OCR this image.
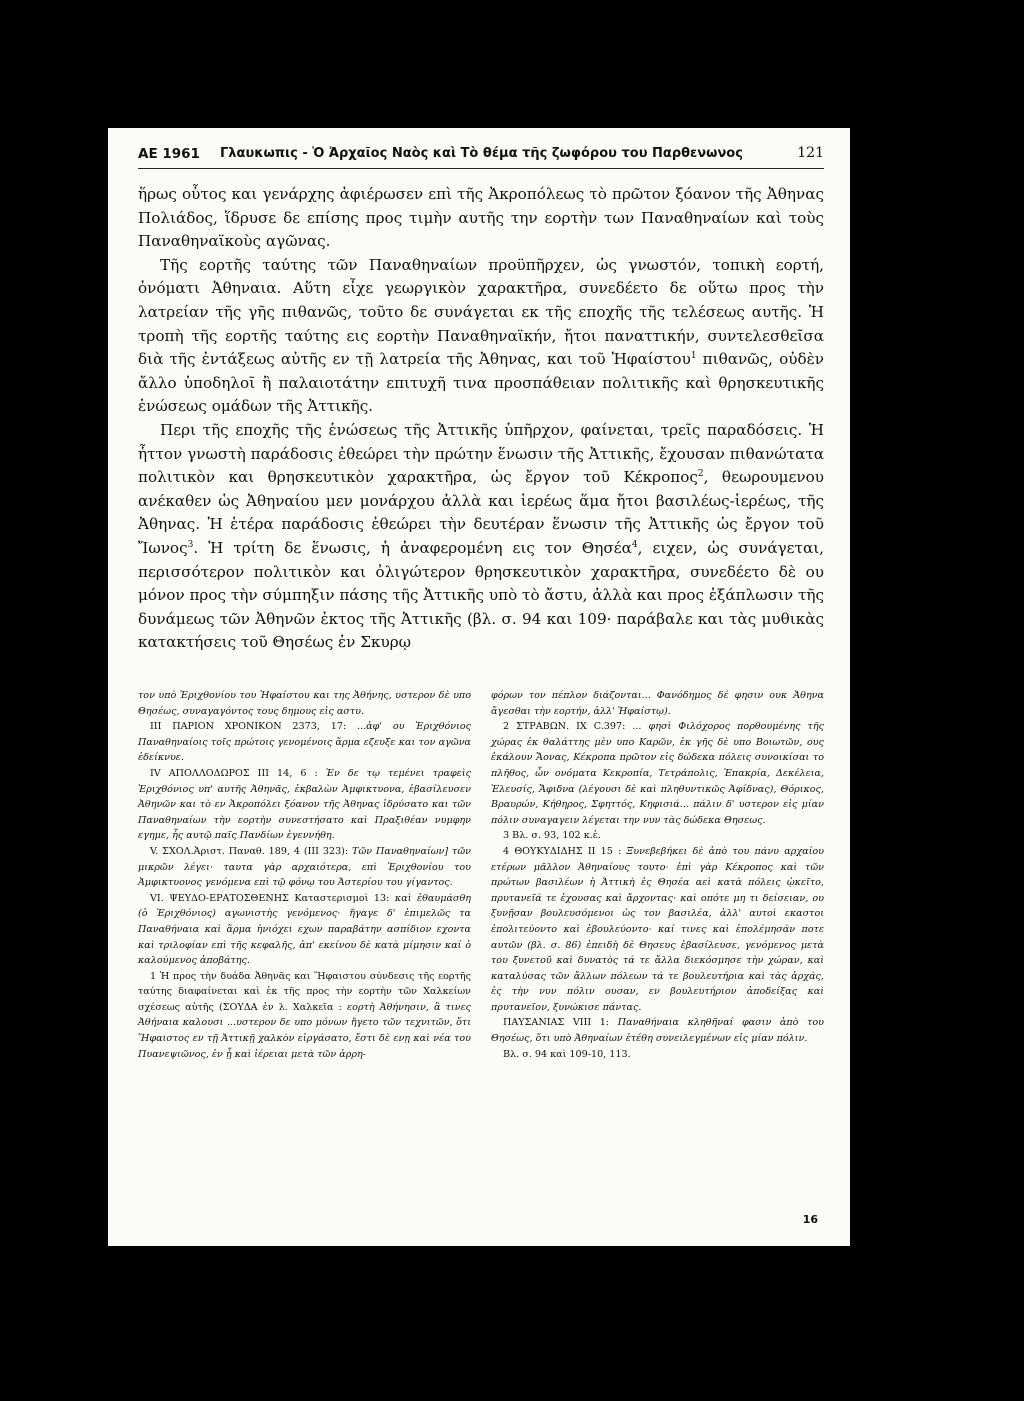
ΑΕ 1961 Γλαυκωπις - Ὁ Ἀρχαῖος Ναὸς καὶ Τὸ θέμα τῆς ζωφόρου του Παρθενωνος	121

ἥρως οὗτος και γενάρχης ἀφιέρωσεν επὶ τῆς Ἀκροπόλεως τὸ πρῶτον ξόανον τῆς Ἀθηνας Πολιάδος, ἵδρυσε δε επίσης προς τιμὴν αυτῆς την εορτὴν των Παναθηναίων καὶ τοὺς Παναθηναϊκοὺς αγῶνας.

Τῆς εορτῆς ταύτης τῶν Παναθηναίων προϋπῆρχεν, ὡς γνωστόν, τοπικὴ εορτή, ὀνόματι Ἀθηναια. Αὕτη εἶχε γεωργικὸν χαρακτῆρα, συνεδέετο δε οὕτω προς τὴν λατρείαν τῆς γῆς πιθανῶς, τοῦτο δε συνάγεται εκ τῆς εποχῆς τῆς τελέσεως αυτῆς. Ἡ τροπὴ τῆς εορτῆς ταύτης εις εορτὴν Παναθηναϊκήν, ἤτοι πανατтικήν, συντελεσθεῖσα διὰ τῆς ἐντάξεως αὐτῆς εν τῇ λατρεία τῆς Ἀθηνας, και τοῦ Ἡφαίστου$^1$ πιθανῶς, οὐδὲν ἄλλο ὑποδηλοῖ ἢ παλαιοτάτην επιτυχῆ τινα προσπάθειαν πολιτικῆς καὶ θρησκευτικῆς ἑνώσεως ομάδων τῆς Ἀττικῆς.

Περι τῆς εποχῆς τῆς ἑνώσεως τῆς Ἀττικῆς ὑπῆρχον, φαίνεται, τρεῖς παραδόσεις. Ἡ ἧττον γνωστὴ παράδοσις ἐθεώρει τὴν πρώτην ἕνωσιν τῆς Ἀττικῆς, ἔχουσαν πιθανώτατα πολιτικὸν και θρησκευτικὸν χαρακτῆρα, ὡς ἔργον τοῦ Κέκροπος$^2$, θεωρουμενου ανέκαθεν ὡς Ἀθηναίου μεν μονάρχου ἀλλὰ και ἱερέως ἅμα ἤτοι βασιλέως-ἱερέως, τῆς Ἀθηνας. Ἡ ἑτέρα παράδοσις ἐθεώρει τὴν δευτέραν ἕνωσιν τῆς Ἀττικῆς ὡς ἔργον τοῦ Ἴωνος$^3$. Ἡ τρίτη δε ἕνωσις, ἡ ἀναφερομένη εις τον Θησέα$^4$, ειχεν, ὡς συνάγεται, περισσότερον πολιτικὸν και ὀλιγώτερον θρησκευτικὸν χαρακτῆρα, συνεδέετο δὲ ου μόνον προς τὴν σύμπηξιν πάσης τῆς Ἀττικῆς υπὸ τὸ ἄστυ, ἀλλὰ και προς ἐξάπλωσιν τῆς δυνάμεως τῶν Ἀθηνῶν ἐκτος τῆς Ἀττικῆς (βλ. σ. 94 και 109· παράβαλε και τὰς μυθικὰς κατακτήσεις τοῦ Θησέως ἐν Σκυρῳ

τον υπὸ Ἐριχθονίου του Ἡφαίστου και της Ἀθήνης, υστερον δὲ υπο Θησέως, συναγαγόντος τους δημους εἰς αστυ.

ΙΙΙ ΠΑΡΙΟΝ ΧΡΟΝΙΚΟΝ 2373, 17: ...ἀφ' ου Ἐριχθόνιος Παναθηναίοις τοῖς πρώτοις γενομένοις ἅρμα εζευξε και τον αγῶνα ἐδείκνυε.

IV ΑΠΟΛΛΟΔΩΡΟΣ ΙΙΙ 14, 6 : Ἐν δε τῳ τεμένει τραφεὶς Ἐριχθόνιος υπ' αυτῆς Ἀθηνᾶς, ἐκβαλὼν Ἀμφικτυονα, ἐβασίλευσεν Ἀθηνῶν και τὸ εν Ἀκροπόλει ξόανον τῆς Ἀθηνας ἱδρύσατο και τῶν Παναθηναίων τὴν εορτὴν συνεστήσατο καὶ Πραξιθέαν νυμφην εγημε, ἧς αυτῷ παῖς Πανδίων ἐγεννήθη.

V. ΣΧΟΛ.Ἀριστ. Παναθ. 189, 4 (ΙΙΙ 323): Τῶν Παναθηναίων] τῶν μικρῶν λέγει· ταυτα γὰρ αρχαιότερα, επὶ Ἐριχθονίου του Ἀμφικτυονος γενόμενα επὶ τῷ φόνῳ του Ἀστερίου του γίγαντος.

VI. ΨΕΥΔΟ-ΕΡΑΤΟΣΘΕΝΗΣ Καταστερισμοὶ 13: καὶ ἐθαυμάσθη (ὁ Ἐριχθόνιος) αγωνιστὴς γενόμενος· ἤγαγε δ' ἐπιμελῶς τα Παναθήναια καὶ ἅρμα ἡνιόχει εχων παραβάτην ασπίδιον εχοντα καὶ τριλοφίαν επὶ τῆς κεφαλῆς, ἀπ' εκείνου δὲ κατὰ μίμησιν καί ὁ καλούμενος ἀποβάτης.

1 Ἡ προς τὴν δυάδα Ἀθηνᾶς και Ἥφαιστου σύνδεσις τῆς εορτῆς ταύτης διαφαίνεται καὶ ἐκ τῆς προς τὴν εορτὴν τῶν Χαλκείων σχέσεως αὐτῆς (ΣΟΥΔΑ ἐν λ. Χαλκεῖα : εορτὴ Ἀθήνησιν, ἃ τινες Ἀθήναια καλουσι ...υστερον δε υπο μόνων ἤγετο τῶν τεχνιτῶν, ὅτι Ἥφαιστος εν τῇ Ἀττικῇ χαλκὸν εἰργάσατο, ἔστι δὲ ενῃ καὶ νέα του Πυανεψιῶνος, ἐν ᾗ καὶ ἱέρειαι μετὰ τῶν ἀρρη-

φόρων τον πέπλον διάζονται... Φανόδημος δέ φησιν ουκ Ἀθηνα ἄγεσθαι τὴν εορτήν, ἀλλ' Ἡφαίστῳ).

2 ΣΤΡΑΒΩΝ. ΙΧ C.397: ... φησὶ Φιλόχορος πορθουμένης τῆς χώρας ἐκ θαλάττης μὲν υπο Καρῶν, ἐκ γῆς δὲ υπο Βοιωτῶν, ους ἐκάλουν Ἄονας, Κέκροπα πρῶτον εἰς δώδεκα πόλεις συνοικίσαι το πλῆθος, ὧν ονόματα Κεκροπία, Τετράπολις, Ἐπακρία, Δεκέλεια, Ἐλευσίς, Ἄφιδνα (λέγουσι δὲ καὶ πληθυντικῶς Ἀφίδνας), Θόρικος, Βραυρών, Κήθηρος, Σφηττός, Κηφισιά... πάλιν δ' υστερον εἰς μίαν πόλιν συναγαγειν λέγεται την νυν τὰς δώδεκα Θησεως.

3 Βλ. σ. 93, 102 κ.ἑ.

4 ΘΟΥΚΥΔΙΔΗΣ ΙΙ 15 : Ξυνεβεβήκει δὲ ἀπὸ του πάνυ αρχαίου ετέρων μᾶλλον Ἀθηναίους τουτο· ἐπὶ γὰρ Κέκροπος καὶ τῶν πρώτων βασιλέων ἡ Ἀττικὴ ἐς Θησέα αεὶ κατὰ πόλεις ᾠκεῖτο, πρυτανεῖά τε ἐχουσας καὶ ἄρχοντας· καὶ οπότε μη τι δείσειαν, ου ξυνῇσαν βουλευσόμενοι ὡς τον βασιλέα, ἀλλ' αυτοὶ εκαστοι ἐπολιτεύοντο καὶ ἐβουλεύοντο· καί τινες καὶ ἐπολέμησάν ποτε αυτῶν (βλ. σ. 86) ἐπειδὴ δὲ Θησευς ἐβασίλευσε, γενόμενος μετὰ του ξυνετοῦ καὶ δυνατὸς τά τε ἄλλα διεκόσμησε τὴν χώραν, καὶ καταλύσας τῶν ἄλλων πόλεων τά τε βουλευτήρια καὶ τὰς ἀρχάς, ἐς τὴν νυν πόλιν ουσαν, εν βουλευτήριον ἀποδείξας καὶ πρυτανεῖον, ξυνώκισε πάντας.

ΠΑΥΣΑΝΙΑΣ VIII 1: Παναθήναια κληθῆναί φασιν ἀπὸ του Θησέως, ὅτι υπὸ Ἀθηναίων ἐτέθη συνειλεγμένων εἰς μίαν πόλιν.

Βλ. σ. 94 καὶ 109-10, 113.

16
